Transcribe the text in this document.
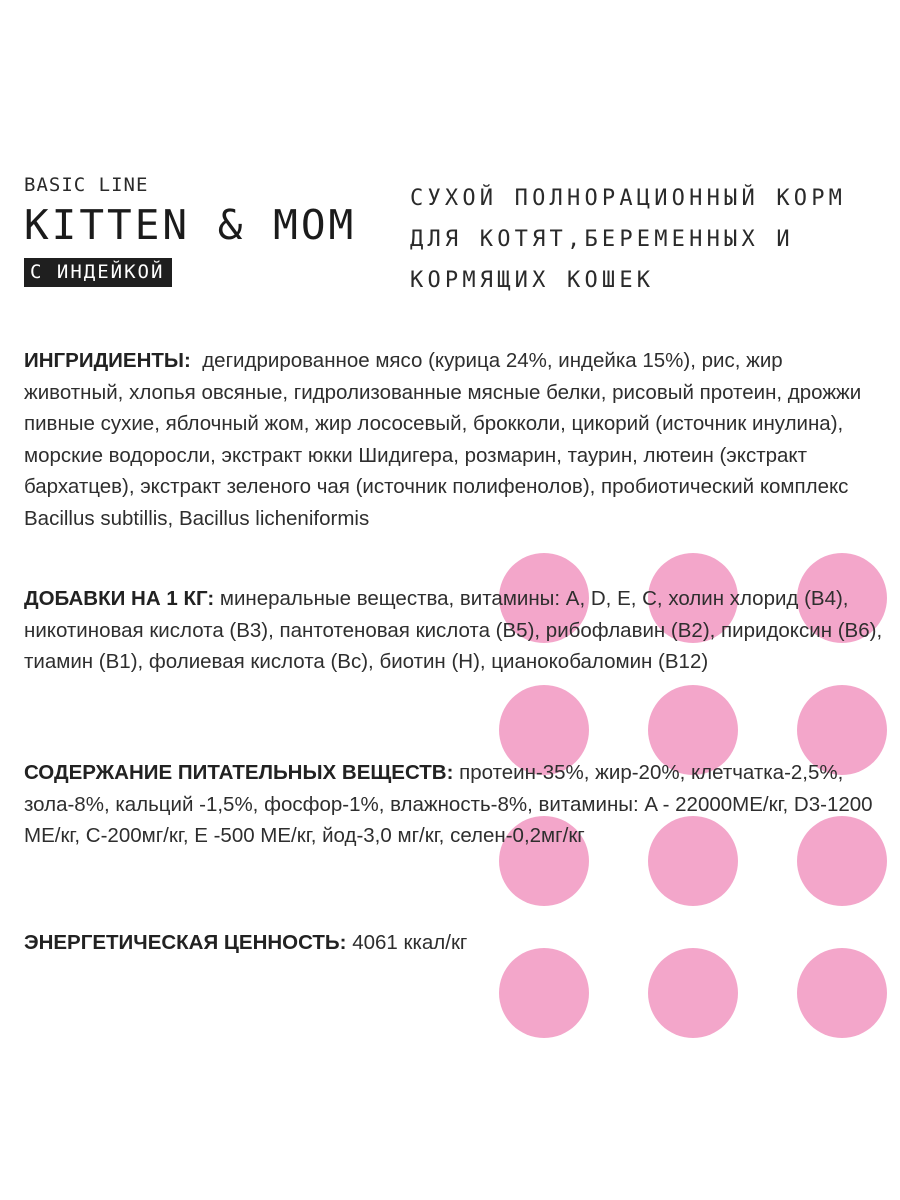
BASIC LINE
KITTEN & MOM
С ИНДЕЙКОЙ
СУХОЙ ПОЛНОРАЦИОННЫЙ КОРМ
ДЛЯ КОТЯТ,БЕРЕМЕННЫХ И
КОРМЯЩИХ КОШЕК

ИНГРИДИЕНТЫ: дегидрированное мясо (курица 24%, индейка 15%), рис, жир животный, хлопья овсяные, гидролизованные мясные белки, рисовый протеин, дрожжи пивные сухие, яблочный жом, жир лососевый, брокколи, цикорий (источник инулина), морские водоросли, экстракт юкки Шидигера, розмарин, таурин, лютеин (экстракт бархатцев), экстракт зеленого чая (источник полифенолов), пробиотический комплекс Bacillus subtillis, Bacillus licheniformis

ДОБАВКИ НА 1 КГ: минеральные вещества, витамины: A, D, E, C, холин хлорид (B4), никотиновая кислота (B3), пантотеновая кислота (B5), рибофлавин (B2), пиридоксин (B6), тиамин (B1), фолиевая кислота (Bc), биотин (H), цианокобаломин (B12)

СОДЕРЖАНИЕ ПИТАТЕЛЬНЫХ ВЕЩЕСТВ: протеин-35%, жир-20%, клетчатка-2,5%, зола-8%, кальций -1,5%, фосфор-1%, влажность-8%, витамины: A - 22000МЕ/кг, D3-1200 МЕ/кг, С-200мг/кг, E -500 МЕ/кг, йод-3,0 мг/кг, селен-0,2мг/кг

ЭНЕРГЕТИЧЕСКАЯ ЦЕННОСТЬ: 4061 ккал/кг
